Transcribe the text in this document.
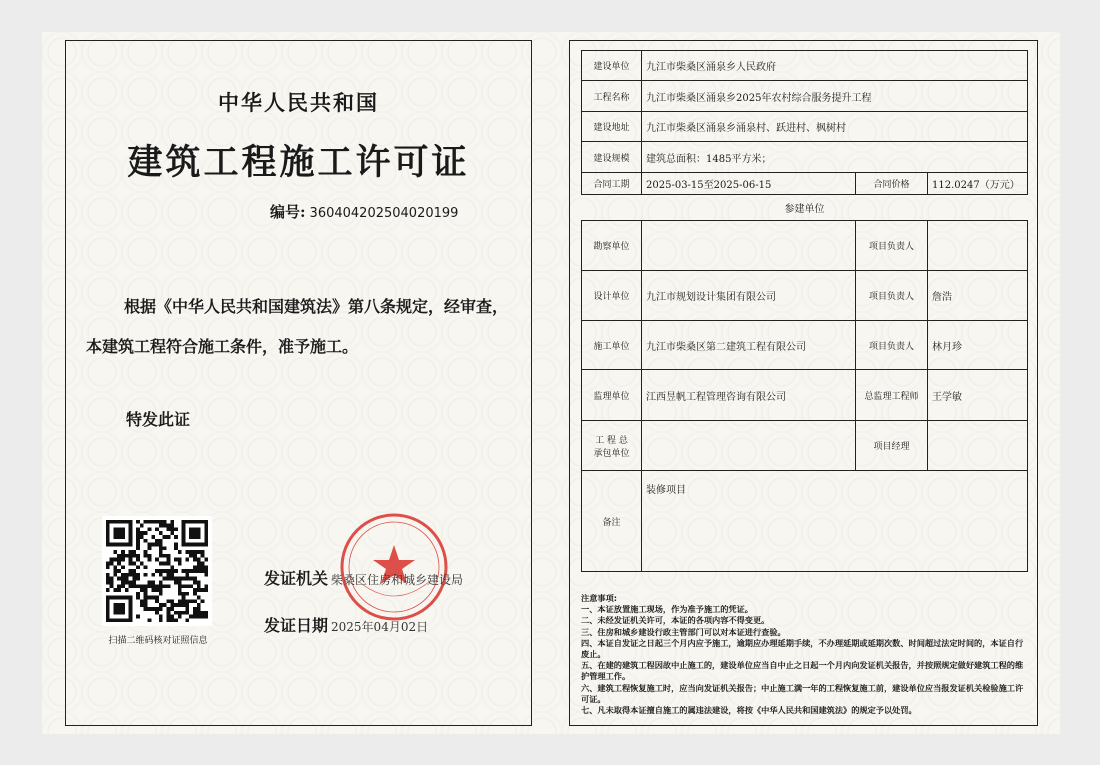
中华人民共和国
建筑工程施工许可证
编号: 360404202504020199
根据《中华人民共和国建筑法》第八条规定，经审查，本建筑工程符合施工条件，准予施工。
特发此证
扫描二维码核对证照信息
发证机关 柴桑区住房和城乡建设局
发证日期 2025年04月02日
建设单位	九江市柴桑区涌泉乡人民政府		
工程名称	九江市柴桑区涌泉乡2025年农村综合服务提升工程		
建设地址	九江市柴桑区涌泉乡涌泉村、跃进村、枫树村		
建设规模	建筑总面积：1485平方米；		
合同工期	2025-03-15至2025-06-15	合同价格	112.0247（万元）
参建单位			
勘察单位		项目负责人	
设计单位	九江市规划设计集团有限公司	项目负责人	詹浩
施工单位	九江市柴桑区第二建筑工程有限公司	项目负责人	林月珍
监理单位	江西昱帆工程管理咨询有限公司	总监理工程师	王学敏
工 程 总
承包单位		项目经理	
备注	装修项目		
注意事项:
一、本证放置施工现场，作为准予施工的凭证。
二、未经发证机关许可，本证的各项内容不得变更。
三、住房和城乡建设行政主管部门可以对本证进行查验。
四、本证自发证之日起三个月内应予施工，逾期应办理延期手续，不办理延期或延期次数、时间超过法定时间的，本证自行废止。
五、在建的建筑工程因故中止施工的，建设单位应当自中止之日起一个月内向发证机关报告，并按照规定做好建筑工程的维护管理工作。
六、建筑工程恢复施工时，应当向发证机关报告；中止施工满一年的工程恢复施工前，建设单位应当报发证机关检验施工许可证。
七、凡未取得本证擅自施工的属违法建设，将按《中华人民共和国建筑法》的规定予以处罚。
